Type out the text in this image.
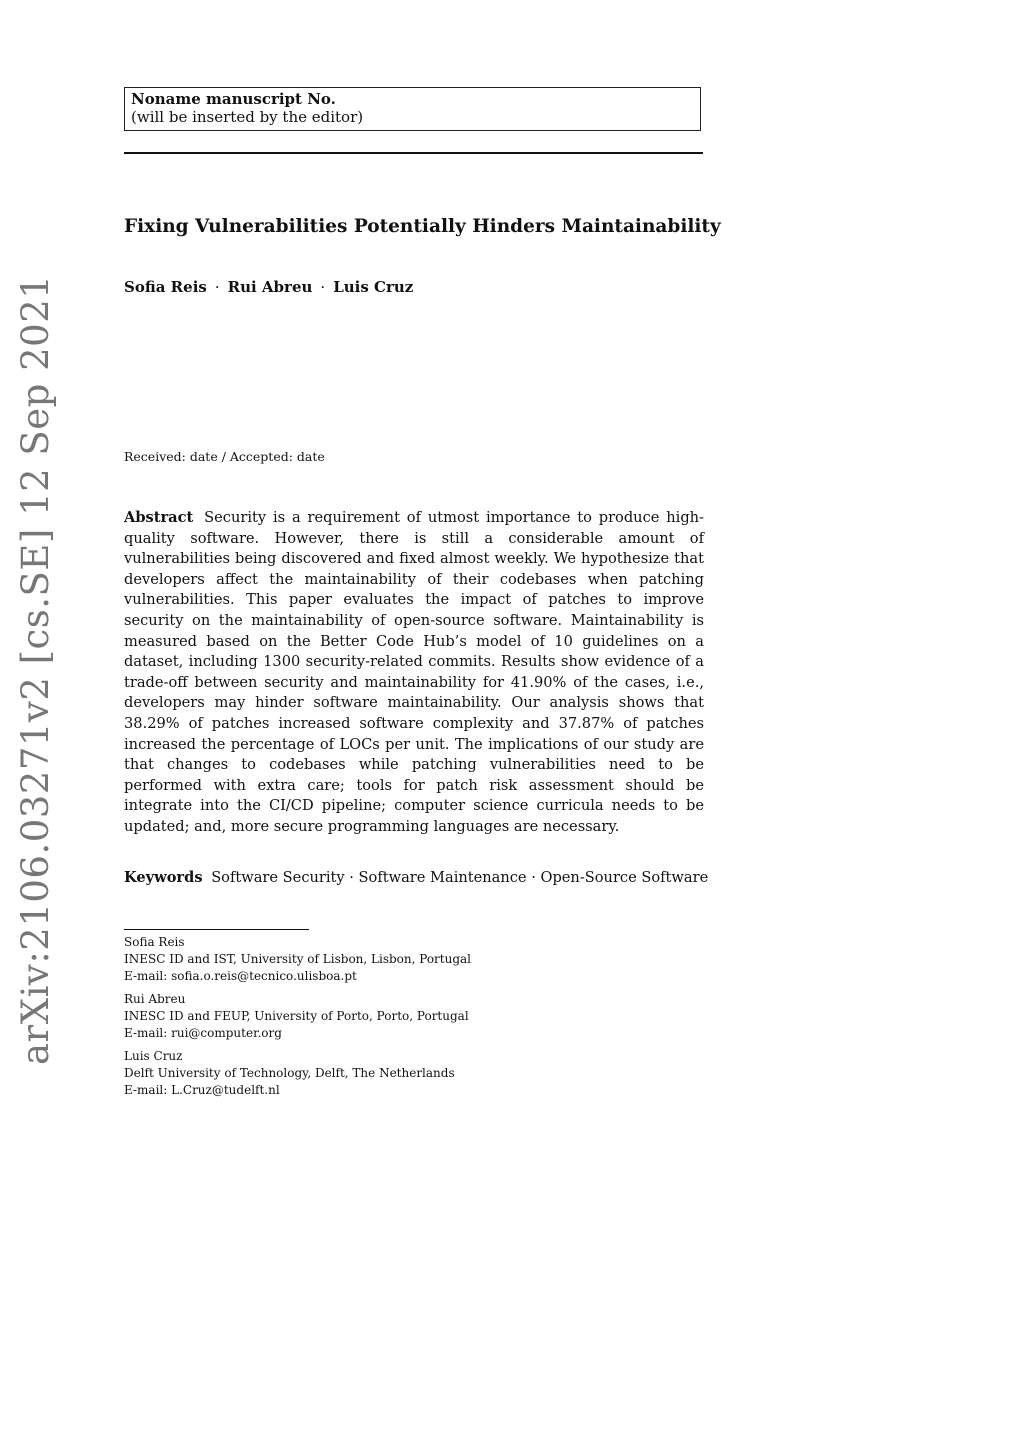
Noname manuscript No.
(will be inserted by the editor)
Fixing Vulnerabilities Potentially Hinders Maintainability
Sofia Reis · Rui Abreu · Luis Cruz
Received: date / Accepted: date
Abstract Security is a requirement of utmost importance to produce high-quality software. However, there is still a considerable amount of vulnerabilities being discovered and fixed almost weekly. We hypothesize that developers affect the maintainability of their codebases when patching vulnerabilities. This paper evaluates the impact of patches to improve security on the maintainability of open-source software. Maintainability is measured based on the Better Code Hub’s model of 10 guidelines on a dataset, including 1300 security-related commits. Results show evidence of a trade-off between security and maintainability for 41.90% of the cases, i.e., developers may hinder software maintainability. Our analysis shows that 38.29% of patches increased software complexity and 37.87% of patches increased the percentage of LOCs per unit. The implications of our study are that changes to codebases while patching vulnerabilities need to be performed with extra care; tools for patch risk assessment should be integrate into the CI/CD pipeline; computer science curricula needs to be updated; and, more secure programming languages are necessary.
Keywords Software Security · Software Maintenance · Open-Source Software
Sofia Reis
INESC ID and IST, University of Lisbon, Lisbon, Portugal
E-mail: sofia.o.reis@tecnico.ulisboa.pt
Rui Abreu
INESC ID and FEUP, University of Porto, Porto, Portugal
E-mail: rui@computer.org
Luis Cruz
Delft University of Technology, Delft, The Netherlands
E-mail: L.Cruz@tudelft.nl
arXiv:2106.03271v2 [cs.SE] 12 Sep 2021
